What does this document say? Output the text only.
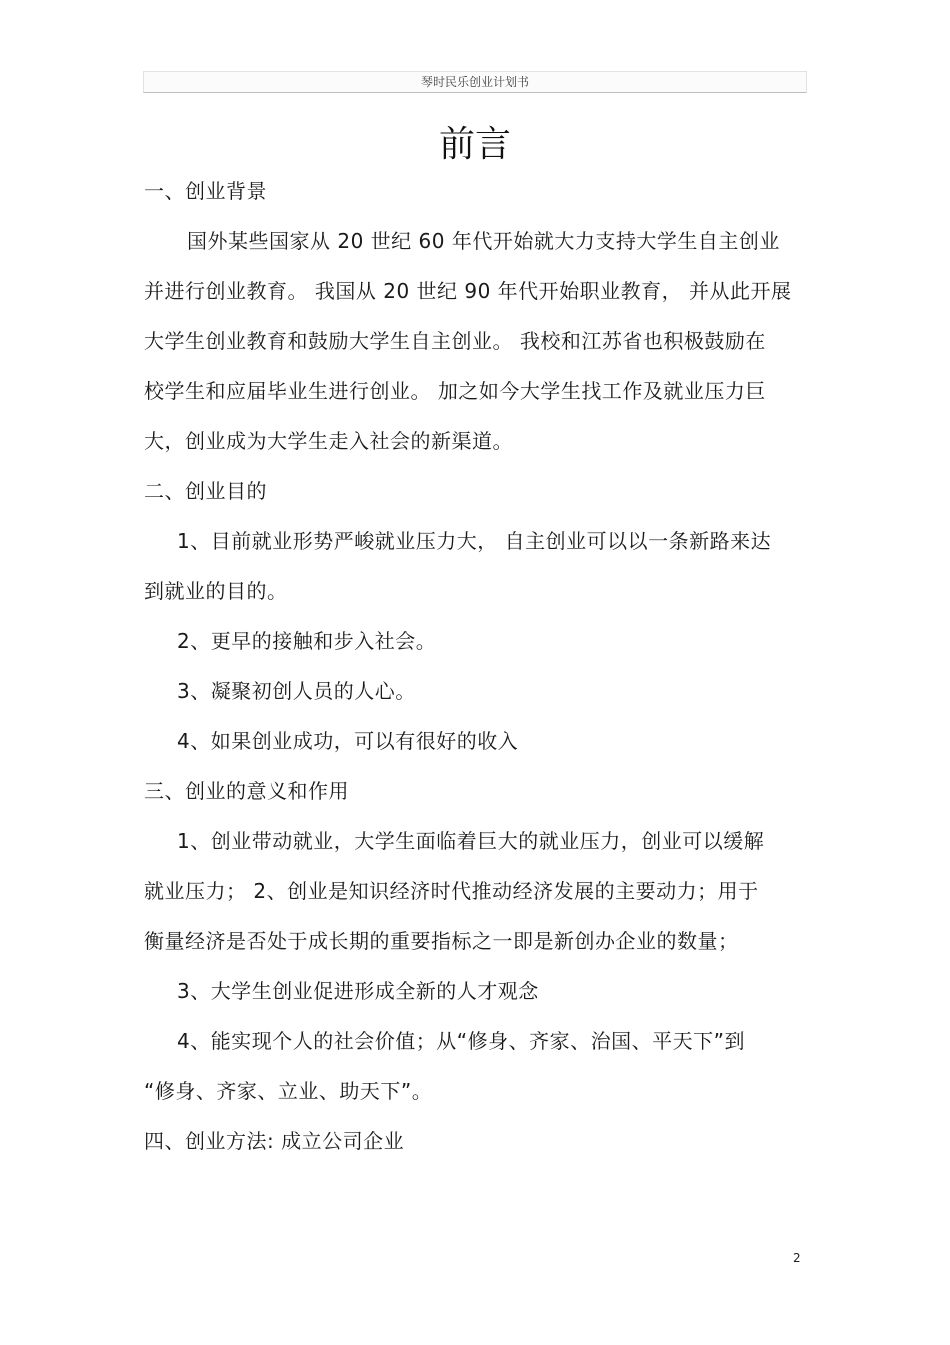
琴时民乐创业计划书
前言

一、创业背景

国外某些国家从 20 世纪 60 年代开始就大力支持大学生自主创业

并进行创业教育。 我国从 20 世纪 90 年代开始职业教育， 并从此开展

大学生创业教育和鼓励大学生自主创业。 我校和江苏省也积极鼓励在

校学生和应届毕业生进行创业。 加之如今大学生找工作及就业压力巨

大，创业成为大学生走入社会的新渠道。

二、创业目的

1、目前就业形势严峻就业压力大， 自主创业可以以一条新路来达

到就业的目的。

2、更早的接触和步入社会。

3、凝聚初创人员的人心。

4、如果创业成功，可以有很好的收入

三、创业的意义和作用

1、创业带动就业，大学生面临着巨大的就业压力，创业可以缓解

就业压力； 2、创业是知识经济时代推动经济发展的主要动力；用于

衡量经济是否处于成长期的重要指标之一即是新创办企业的数量；

3、大学生创业促进形成全新的人才观念

4、能实现个人的社会价值；从“修身、齐家、治国、平天下”到

“修身、齐家、立业、助天下”。

四、创业方法: 成立公司企业

2
